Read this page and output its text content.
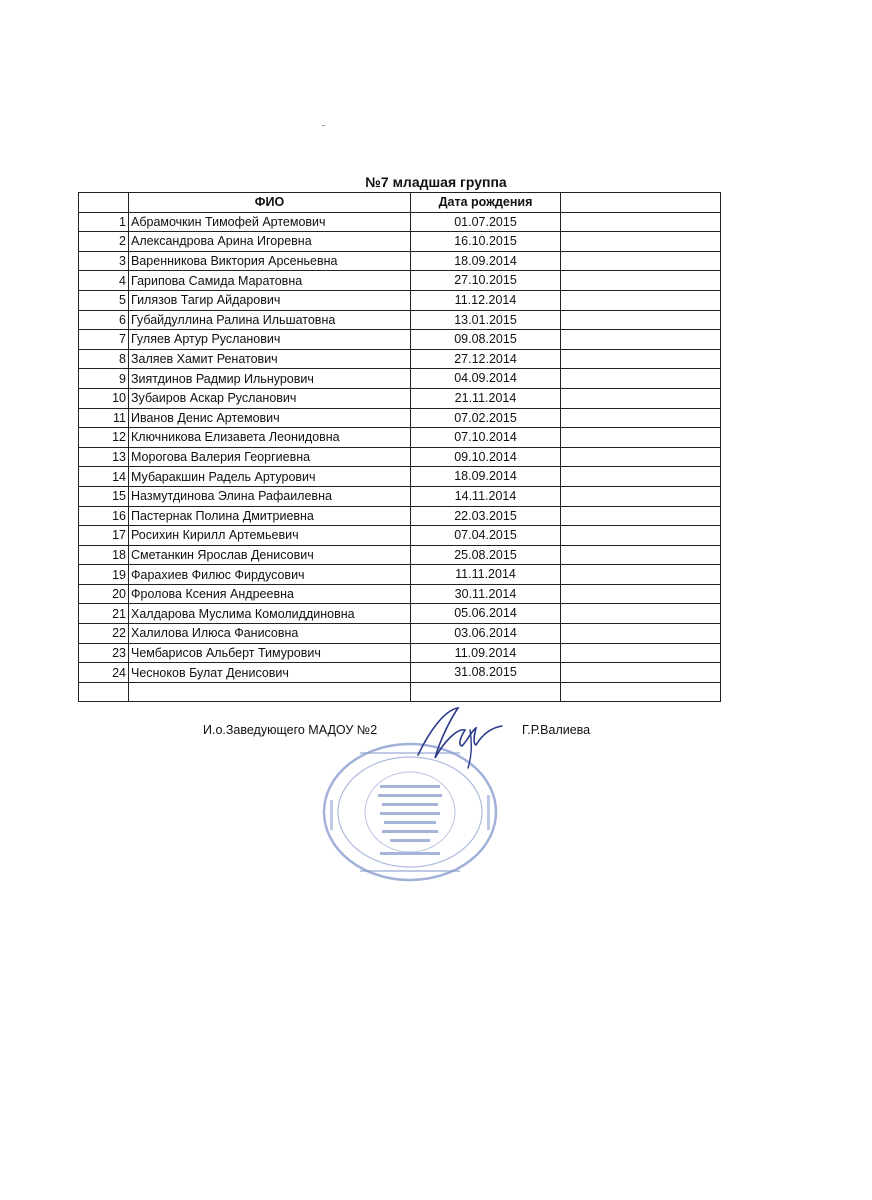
№7 младшая группа
	ФИО	Дата рождения	
1	Абрамочкин Тимофей Артемович	01.07.2015	
2	Александрова Арина Игоревна	16.10.2015	
3	Варенникова Виктория Арсеньевна	18.09.2014	
4	Гарипова Самида Маратовна	27.10.2015	
5	Гилязов Тагир Айдарович	11.12.2014	
6	Губайдуллина Ралина Ильшатовна	13.01.2015	
7	Гуляев Артур Русланович	09.08.2015	
8	Заляев Хамит Ренатович	27.12.2014	
9	Зиятдинов Радмир Ильнурович	04.09.2014	
10	Зубаиров Аскар Русланович	21.11.2014	
11	Иванов Денис Артемович	07.02.2015	
12	Ключникова Елизавета Леонидовна	07.10.2014	
13	Морогова Валерия Георгиевна	09.10.2014	
14	Мубаракшин Радель Артурович	18.09.2014	
15	Назмутдинова Элина Рафаилевна	14.11.2014	
16	Пастернак Полина Дмитриевна	22.03.2015	
17	Росихин Кирилл Артемьевич	07.04.2015	
18	Сметанкин Ярослав Денисович	25.08.2015	
19	Фарахиев Филюс Фирдусович	11.11.2014	
20	Фролова Ксения Андреевна	30.11.2014	
21	Халдарова Муслима Комолиддиновна	05.06.2014	
22	Халилова Илюса Фанисовна	03.06.2014	
23	Чембарисов Альберт Тимурович	11.09.2014	
24	Чесноков Булат Денисович	31.08.2015	

И.о.Заведующего МАДОУ №2	Г.Р.Валиева
